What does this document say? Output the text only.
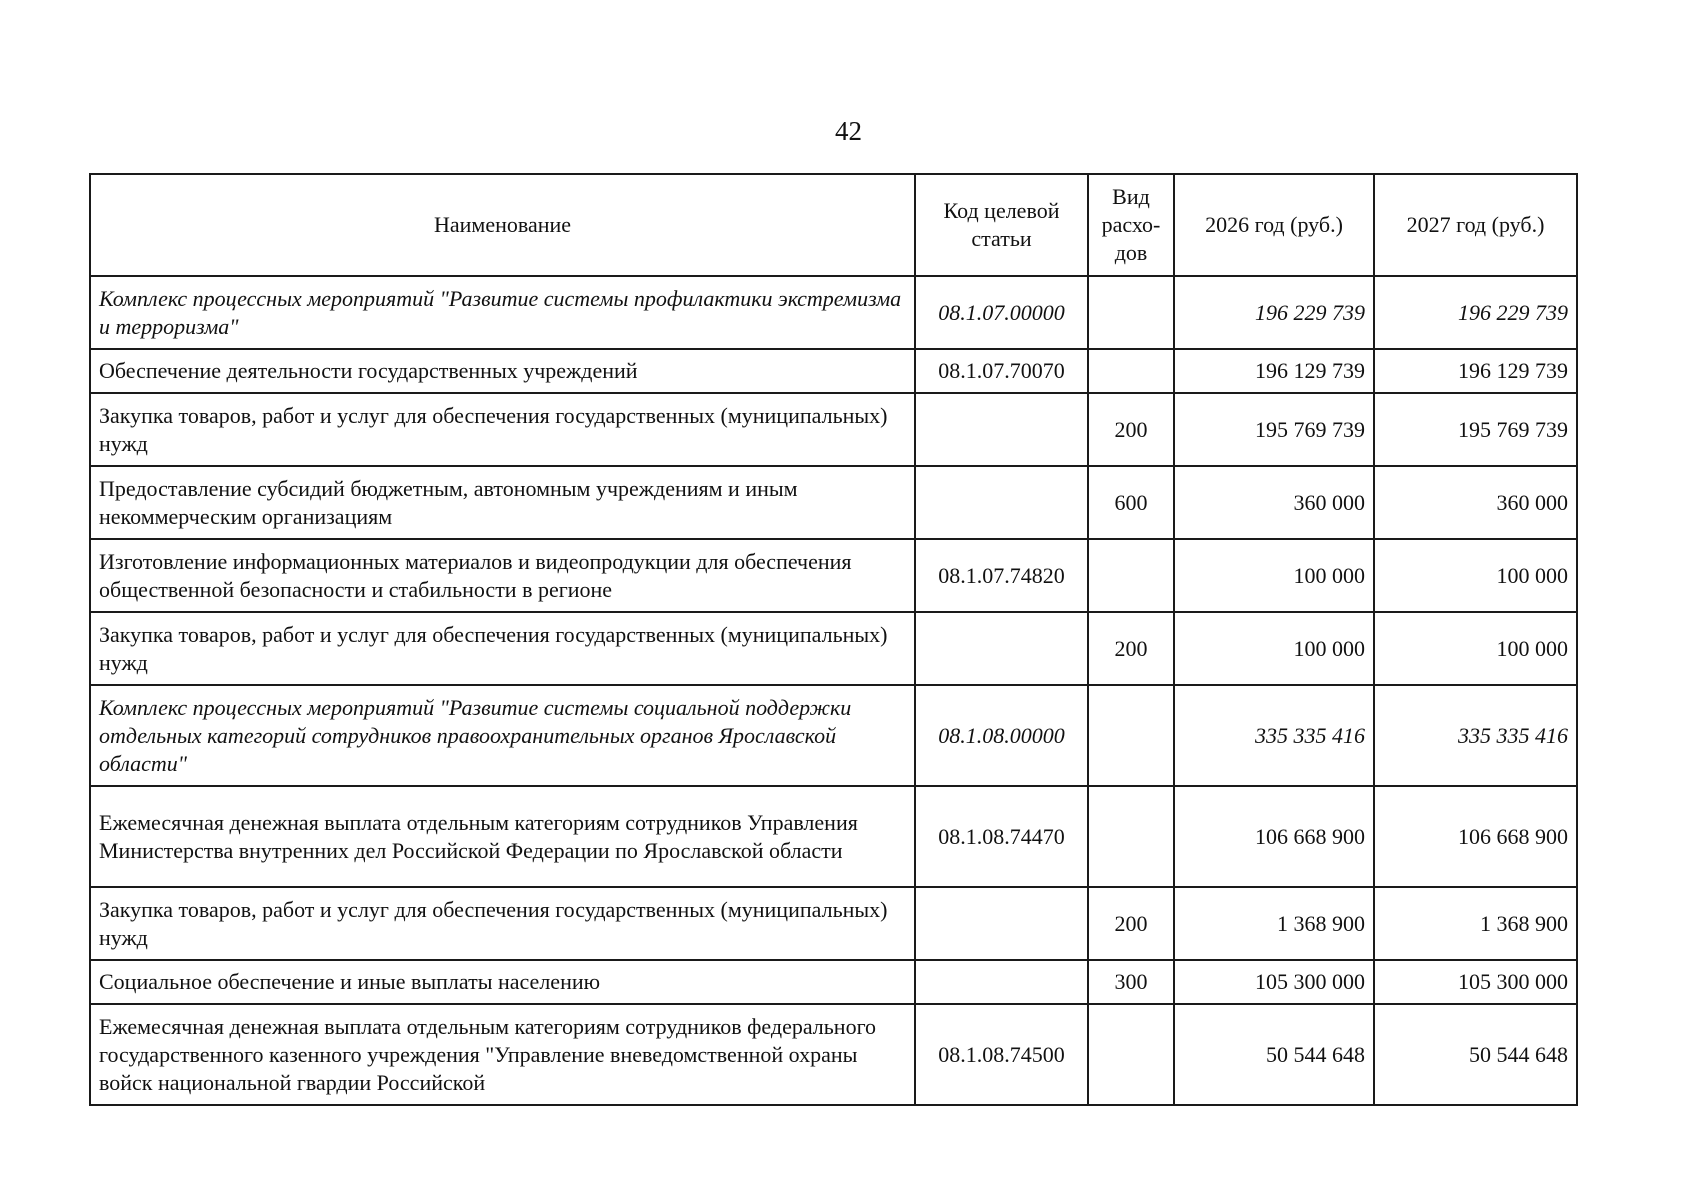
42
Наименование	Код целевой статьи	Вид расхо-дов	2026 год (руб.)	2027 год (руб.)
Комплекс процессных мероприятий "Развитие системы профилактики экстремизма и терроризма"	08.1.07.00000		196 229 739	196 229 739
Обеспечение деятельности государственных учреждений	08.1.07.70070		196 129 739	196 129 739
Закупка товаров, работ и услуг для обеспечения государственных (муниципальных) нужд		200	195 769 739	195 769 739
Предоставление субсидий бюджетным, автономным учреждениям и иным некоммерческим организациям		600	360 000	360 000
Изготовление информационных материалов и видеопродукции для обеспечения общественной безопасности и стабильности в регионе	08.1.07.74820		100 000	100 000
Закупка товаров, работ и услуг для обеспечения государственных (муниципальных) нужд		200	100 000	100 000
Комплекс процессных мероприятий "Развитие системы социальной поддержки отдельных категорий сотрудников правоохранительных органов Ярославской области"	08.1.08.00000		335 335 416	335 335 416
Ежемесячная денежная выплата отдельным категориям сотрудников Управления Министерства внутренних дел Российской Федерации по Ярославской области	08.1.08.74470		106 668 900	106 668 900
Закупка товаров, работ и услуг для обеспечения государственных (муниципальных) нужд		200	1 368 900	1 368 900
Социальное обеспечение и иные выплаты населению		300	105 300 000	105 300 000
Ежемесячная денежная выплата отдельным категориям сотрудников федерального государственного казенного учреждения "Управление вневедомственной охраны войск национальной гвардии Российской	08.1.08.74500		50 544 648	50 544 648
